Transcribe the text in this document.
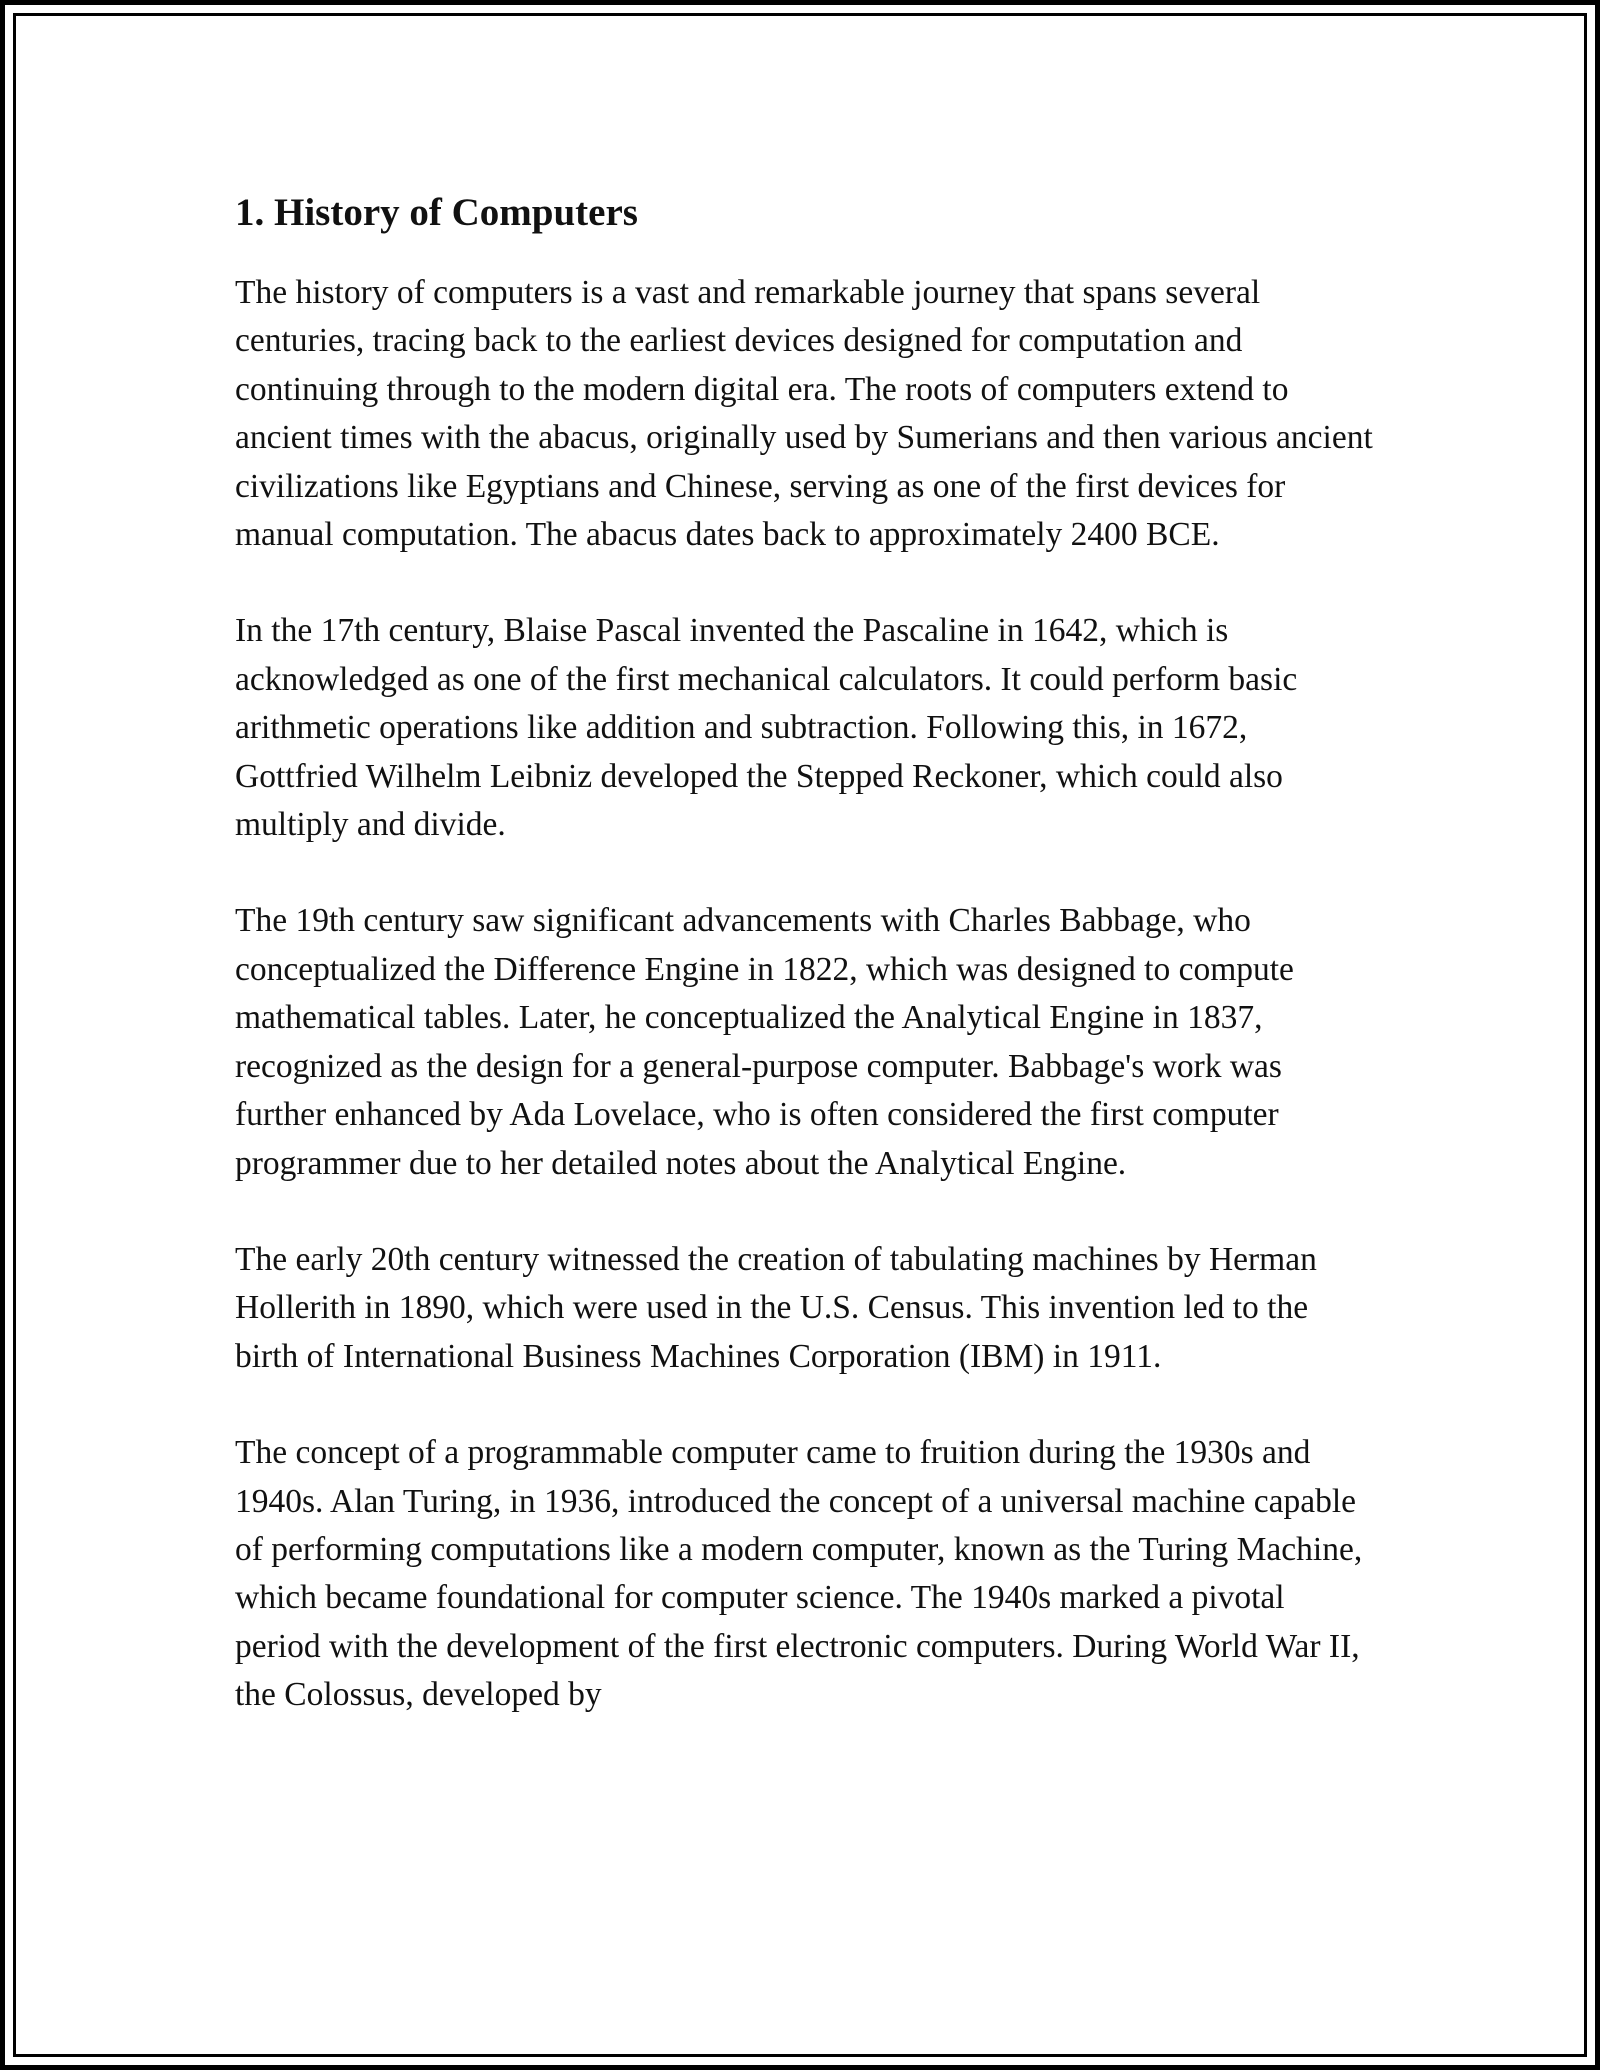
1. History of Computers

The history of computers is a vast and remarkable journey that spans several centuries, tracing back to the earliest devices designed for computation and continuing through to the modern digital era. The roots of computers extend to ancient times with the abacus, originally used by Sumerians and then various ancient civilizations like Egyptians and Chinese, serving as one of the first devices for manual computation. The abacus dates back to approximately 2400 BCE.

In the 17th century, Blaise Pascal invented the Pascaline in 1642, which is acknowledged as one of the first mechanical calculators. It could perform basic arithmetic operations like addition and subtraction. Following this, in 1672, Gottfried Wilhelm Leibniz developed the Stepped Reckoner, which could also multiply and divide.

The 19th century saw significant advancements with Charles Babbage, who conceptualized the Difference Engine in 1822, which was designed to compute mathematical tables. Later, he conceptualized the Analytical Engine in 1837, recognized as the design for a general-purpose computer. Babbage's work was further enhanced by Ada Lovelace, who is often considered the first computer programmer due to her detailed notes about the Analytical Engine.

The early 20th century witnessed the creation of tabulating machines by Herman Hollerith in 1890, which were used in the U.S. Census. This invention led to the birth of International Business Machines Corporation (IBM) in 1911.

The concept of a programmable computer came to fruition during the 1930s and 1940s. Alan Turing, in 1936, introduced the concept of a universal machine capable of performing computations like a modern computer, known as the Turing Machine, which became foundational for computer science. The 1940s marked a pivotal period with the development of the first electronic computers. During World War II, the Colossus, developed by
